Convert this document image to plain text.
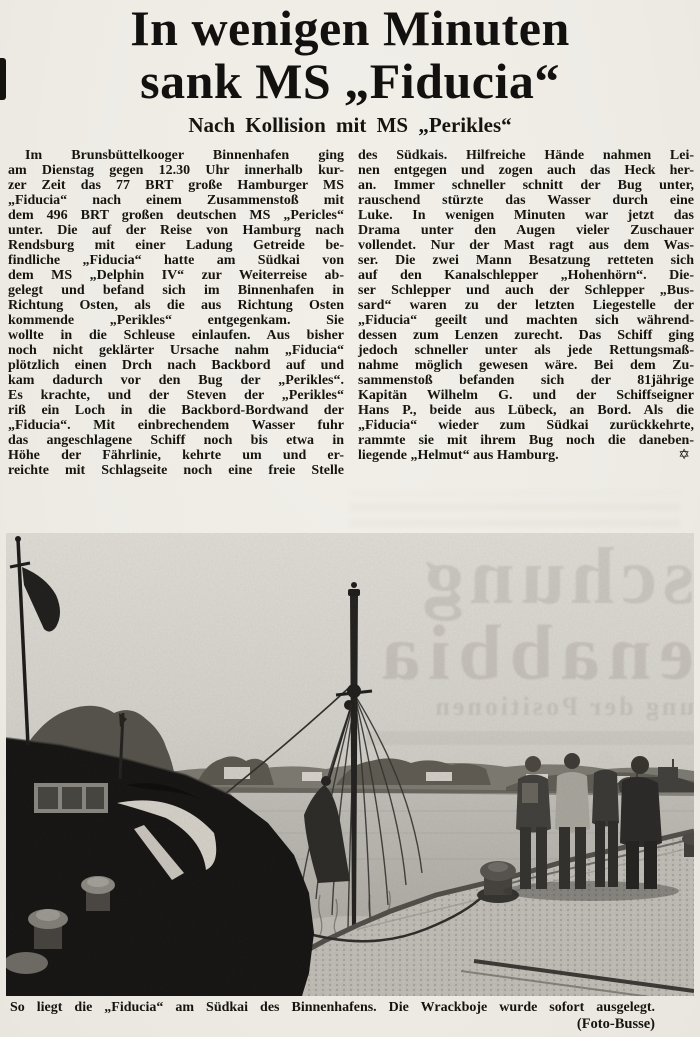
In wenigen Minuten
sank MS „Fiducia“
Nach Kollision mit MS „Perikles“
Im Brunsbüttelkooger Binnenhafen ging
am Dienstag gegen 12.30 Uhr innerhalb kur-
zer Zeit das 77 BRT große Hamburger MS
„Fiducia“ nach einem Zusammenstoß mit
dem 496 BRT großen deutschen MS „Pericles“
unter. Die auf der Reise von Hamburg nach
Rendsburg mit einer Ladung Getreide be-
findliche „Fiducia“ hatte am Südkai von
dem MS „Delphin IV“ zur Weiterreise ab-
gelegt und befand sich im Binnenhafen in
Richtung Osten, als die aus Richtung Osten
kommende „Perikles“ entgegenkam. Sie
wollte in die Schleuse einlaufen. Aus bisher
noch nicht geklärter Ursache nahm „Fiducia“
plötzlich einen Drch nach Backbord auf und
kam dadurch vor den Bug der „Perikles“.
Es krachte, und der Steven der „Perikles“
riß ein Loch in die Backbord-Bordwand der
„Fiducia“. Mit einbrechendem Wasser fuhr
das angeschlagene Schiff noch bis etwa in
Höhe der Fährlinie, kehrte um und er-
reichte mit Schlagseite noch eine freie Stelle
des Südkais. Hilfreiche Hände nahmen Lei-
nen entgegen und zogen auch das Heck her-
an. Immer schneller schnitt der Bug unter,
rauschend stürzte das Wasser durch eine
Luke. In wenigen Minuten war jetzt das
Drama unter den Augen vieler Zuschauer
vollendet. Nur der Mast ragt aus dem Was-
ser. Die zwei Mann Besatzung retteten sich
auf den Kanalschlepper „Hohenhörn“. Die-
ser Schlepper und auch der Schlepper „Bus-
sard“ waren zu der letzten Liegestelle der
„Fiducia“ geeilt und machten sich während-
dessen zum Lenzen zurecht. Das Schiff ging
jedoch schneller unter als jede Rettungsmaß-
nahme möglich gewesen wäre. Bei dem Zu-
sammenstoß befanden sich der 81jährige
Kapitän Wilhelm G. und der Schiffseigner
Hans P., beide aus Lübeck, an Bord. Als die
„Fiducia“ wieder zum Südkai zurückkehrte,
rammte sie mit ihrem Bug noch die daneben-
liegende „Helmut“ aus Hamburg.	✡
So liegt die „Fiducia“ am Südkai des Binnenhafens. Die Wrackboje wurde sofort ausgelegt.
(Foto-Busse)
